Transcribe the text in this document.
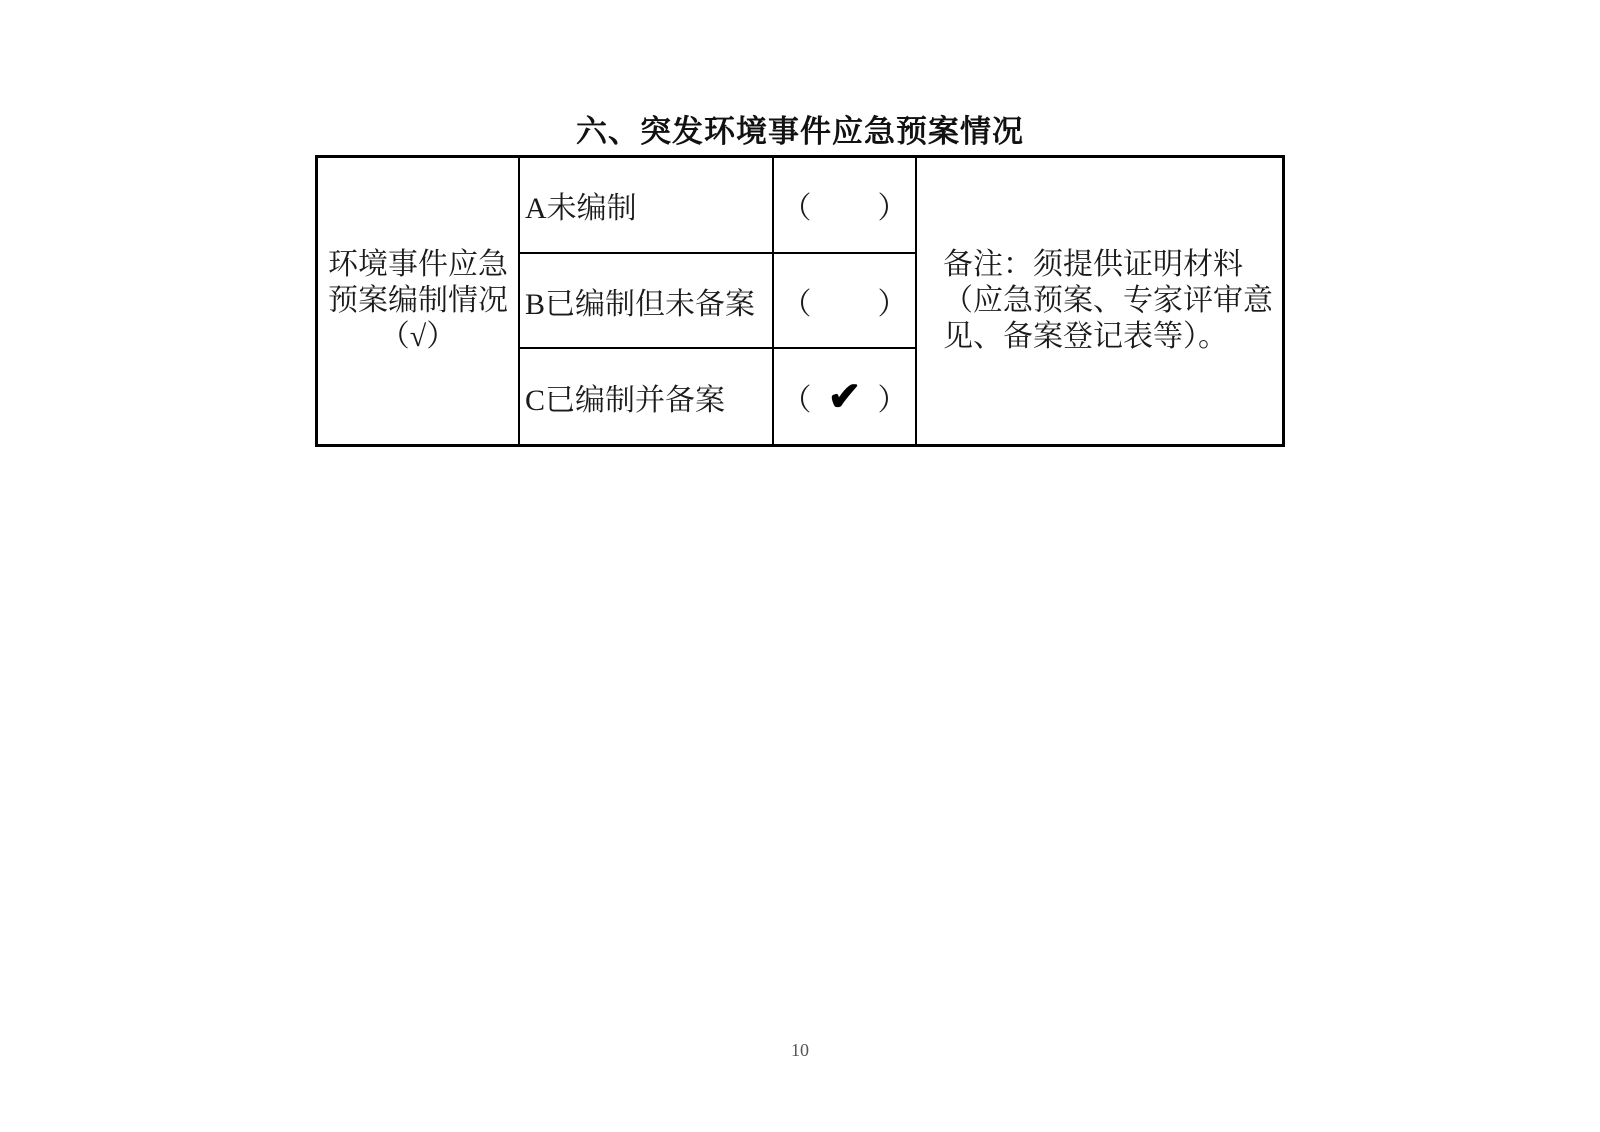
六、突发环境事件应急预案情况
环境事件应急
预案编制情况
（√）
A未编制	（ ）
B已编制但未备案 （ ）
C已编制并备案	（ ✔ ）
备注：须提供证明材料
（应急预案、专家评审意
见、备案登记表等）。
10
